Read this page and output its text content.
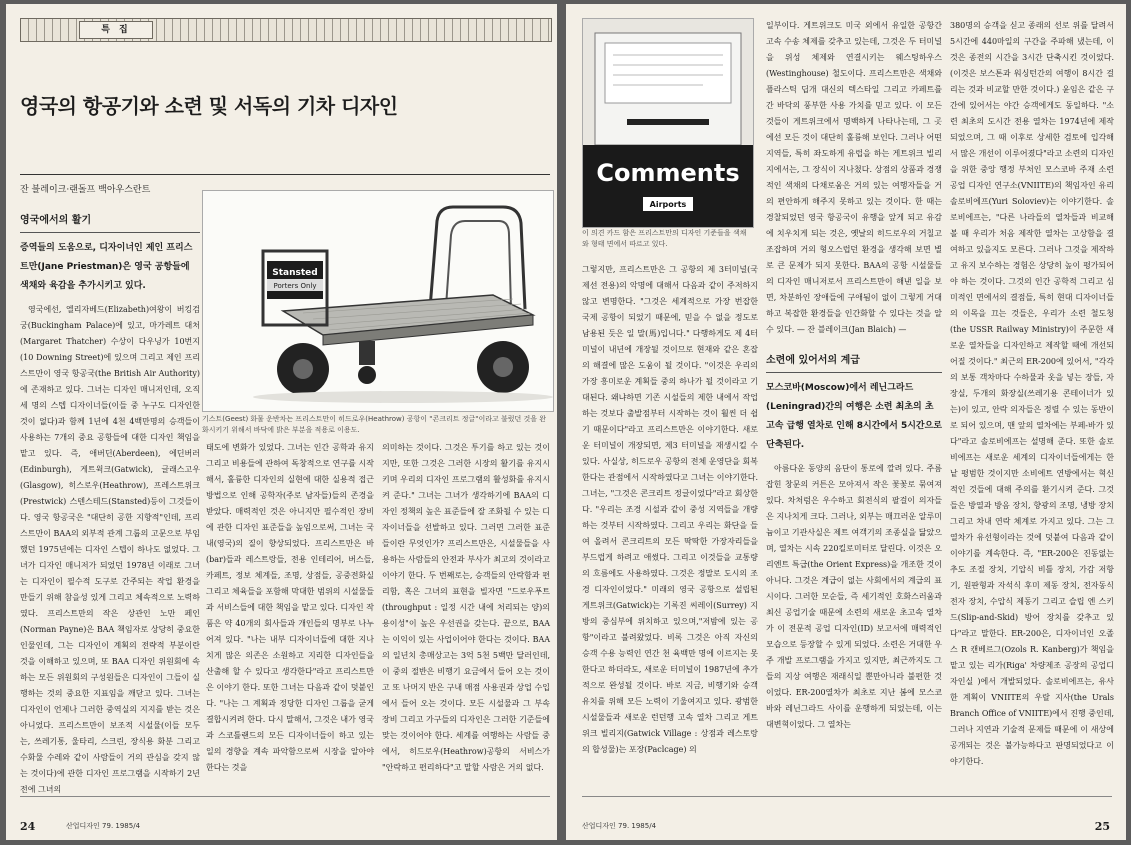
특 집
영국의 항공기와 소련 및 서독의 기차 디자인
잔 블레이크·랜돌프 백아우스란트

영국에서의 활기

증역들의 도움으로, 디자이너인 제인 프리스트만(Jane Priestman)은 영국 공항들에 색채와 육감을 추가시키고 있다.

영국에선, 엘리자베드(Elizabeth)여왕이 버킹검궁(Buckingham Palace)에 있고, 마가레트 대처(Margaret Thatcher) 수상이 다우닝가 10번지(10 Downing Street)에 있으며 그리고 제인 프리스트만이 영국 항공국(the British Air Authority)에 존재하고 있다. 그녀는 디자인 매니저인데, 오직 세 명의 스텝 디자이너들(이들 중 누구도 디자인한 것이 없다)과 함께 1년에 4천 4백만명의 승객들이 사용하는 7개의 중요 공항들에 대한 디자인 책임을 맡고 있다. 즉, 애버딘(Aberdeen), 에딘버러(Edinburgh), 게트윅크(Gatwick), 글래스고우(Glasgow), 히스로우(Heathrow), 프레스트위크(Prestwick) 스텐스테드(Stansted)등이 그것들이다. 영국 항공국은 "대단히 공한 지향적"인데, 프리스트만이 BAA의 외부적 관계 그룹의 고문으로 부임했던 1975년에는 디자인 스텝이 하나도 없었다. 그녀가 디자인 매니저가 되었던 1978년 이래로 그녀는 디자인이 필수적 도구로 간주되는 작업 환경을 만들기 위해 참을성 있게 그리고 체속적으로 노력하였다. 프리스트만의 작은 상관인 노만 페인(Norman Payne)은 BAA 책임자로 상당히 중요한 인물인데, 그는 디자인이 계획의 전략적 부분이란 것을 이해하고 있으며, 또 BAA 디자인 위원회에 속하는 모든 위원회의 구성원들은 디자인이 그들이 실행하는 것의 중요한 지표임을 깨닫고 있다. 그녀는 디자인이 언제나 그러한 중역실의 지지를 받는 것은 아니었다. 프리스트만이 보조적 시설물(이들 모두는, 쓰레기통, 울타리, 스크린, 장식용 화분 그리고 수화물 수레와 같이 사람들이 거의 관심을 갖지 않는 것이다)에 관한 디자인 프로그램을 시작하기 2년 전에 그녀의

Stansted
Porters Only

기스트(Geest) 화물 운반차는 프리스트만이 히드로우(Heathrow) 공항이 "콘크리트 정글"이라고 불렀던 것을 완화시키기 위해서 바닥에 밝은 부분을 적용로 이용도.

태도에 변화가 있었다. 그녀는 인간 공학과 유지 그리고 비용들에 관하여 독창적으로 연구를 시작해서, 훌륭한 디자인의 실현에 대한 실용적 접근 방법으로 인해 공학자(주로 남자들)들의 존경을 받았다. 매력적인 것은 아니지만 필수적인 장비에 관한 디자인 표준들을 높임으로써, 그녀는 국내(영국)의 질이 향상되었다. 프리스트만은 바(bar)들과 레스트랑들, 전용 인테리어, 버스들, 카페트, 정보 체계들, 조명, 상점들, 공중전화실 그리고 체육들을 포함해 막대한 범위의 시설물들과 서비스들에 대한 책임을 맡고 있다. 디자인 작품은 약 40개의 회사들과 개인들의 명부로 나누어져 있다. "나는 내부 디자이너들에 대한 지나치게 많은 의존은 소원하고 지리한 디자인들을 산출해 할 수 있다고 생각한다"라고 프리스트만은 이야기 한다. 또한 그녀는 다음과 같이 덧붙인다. "나는 그 계획과 정당한 디자인 그룹을 굳게 결합시켜려 한다. 다시 말해서, 그것은 내가 영국과 스코틀랜드의 모든 디자이너들이 하고 있는 일의 경향을 계속 파악함으로써 시장을 알아야 한다는 것을

의미하는 것이다. 그것은 투기를 하고 있는 것이지만, 또한 그것은 그러한 시장의 활기를 유지시키며 우리의 디자인 프로그램의 활성화를 유지시켜 준다." 그녀는 그녀가 생각하기에 BAA의 디자인 정책의 높은 표준들에 잘 조화될 수 있는 디자이너들을 선발하고 있다. 그러면 그러한 표준들이란 무엇인가? 프리스트만은, 시설물들을 사용하는 사람들의 안전과 부사가 최고의 것이라고 이야기 한다. 두 번째로는, 승객들의 안락함과 편리함, 혹은 그녀의 표현을 빌자면 "드로우푸트(throughput : 일정 시간 내에 처리되는 양)의 용이성"이 높은 우선권을 갖는다. 끝으로, BAA는 이익이 있는 사업이어야 한다는 것이다. BAA의 일년치 총매상고는 3억 5천 5백만 달러인데, 이 중의 절반은 비행기 요금에서 들어 오는 것이고 또 나머지 반은 구내 매점 사용권과 상업 수입에서 들어 오는 것이다. 모든 시설물과 그 부속 장비 그리고 가구들의 디자인은 그러한 기준들에 맞는 것이어야 한다. 세계를 여행하는 사람들 중에서, 히드로우(Heathrow)공항의 서비스가 "안락하고 편리하다"고 말할 사람은 거의 없다.

24	산업디자인 79. 1985/4
Comments
Airports

이 의견 카드 함은 프리스트만의 디자인 기준들을 색채와 형태 면에서 따르고 있다.

그렇지만, 프리스트만은 그 공항의 제 3터미널(국제선 전용)의 악명에 대해서 다음과 같이 주저하지 않고 변명한다. "그것은 세계적으로 가장 번잡한 국제 공항이 되었기 때문에, 믿을 수 없을 정도로 남용된 듯은 일 말(馬)입니다." 다행하게도 제 4터미널이 내년에 개장될 것이므로 현재와 같은 혼잡의 해결에 많은 도움이 될 것이다. "이것은 우리의 가장 흥미로운 계획들 중의 하나가 될 것이라고 기대된다. 왜냐하면 기존 시설들의 제한 내에서 작업하는 것보다 출발점부터 시작하는 것이 훨씬 더 쉽기 때문이다"라고 프리스트만은 이야기한다. 새로운 터미널이 개장되면, 제3 터미널을 재생시킬 수 있다. 사실상, 히드로우 공항의 전체 운영단을 회복한다는 관점에서 시작하였다고 그녀는 이야기한다. 그녀는, "그것은 콘크리트 정글이었다"라고 회상한다. "우리는 조경 시설과 같이 중성 지역들을 개량하는 것부터 시작하였다. 그리고 우리는 화단을 들여 올려서 콘크리트의 모든 딱딱한 가장자리들을 부드럽게 하려고 애썼다. 그리고 이것들을 교통량의 흐름에도 사용하였다. 그것은 정말로 도시의 조경 디자인이었다." 미래의 영국 공항으로 설립된 게트위크(Gatwick)는 기록진 씨레이(Surrey) 지방의 중심부에 위치하고 있으며,"저밤에 있는 공항"이라고 불려왔었다. 비록 그것은 아직 자신의 승객 수용 능력인 연간 천 육백만 명에 이르지는 못한다고 하더라도, 새로운 터미널이 1987년에 추가적으로 완성될 것이다. 바로 지금, 비행기와 승객 유치를 위해 모든 노력이 기울여지고 있다. 광범한 시설물들과 새로운 런던행 고속 열차 그리고 게트위크 빌리지(Gatwick Village : 상점과 레스토랑의 합성물)는 포장(Paclcage) 의

일부이다. 게트위크도 미국 외에서 유일한 공항간 고속 수송 체제를 갖추고 있는데, 그것은 두 터미널을 위성 체제와 연결시키는 웨스팅하우스(Westinghouse) 철도이다. 프리스트만은 색채와 플라스틱 딥개 대신의 텍스타일 그리고 카페트를 간 바닥의 풍부한 사용 가치를 믿고 있다. 이 모든 것들이 게트위크에서 명백하게 나타나는데, 그 곳에선 모든 것이 대단히 훌륭해 보인다. 그러나 어떤 지역들, 특히 좌도하게 유럽을 하는 게트위크 빌리지에서는, 그 장식이 지나쳤다. 상점의 상품과 경쟁적인 색채의 다채로움은 거의 있는 여행자들을 거의 편안하게 해주지 못하고 있는 것이다. 한 때는 경찰되었던 영국 항공국이 유행을 앞게 되고 유감에 치우치게 되는 것은, 옛날의 히드로우의 거칠고 조잡하며 거의 형오스럽던 환경을 생각해 보면 별로 큰 문제가 되지 못한다. BAA의 공항 시설물들의 디자인 매니저로서 프리스트만이 해낸 일을 보면, 차분하인 장애들에 구애됨이 없이 그렇게 거대하고 복잡한 환경들을 인간화할 수 있다는 것을 알 수 있다. — 잔 블레이크(Jan Blaich) —

소련에 있어서의 계급

모스코바(Moscow)에서 레닌그라드(Leningrad)간의 여행은 소련 최초의 초고속 급행 열차로 인해 8시간에서 5시간으로 단축된다.

아름다운 동양의 음단이 통로에 깔려 있다. 주름잡힌 창문의 커튼은 모아져서 작은 꽃꽃로 묶여져 있다. 차처럼은 우수하고 회전식의 팔걸이 의자들은 지나치게 크다. 그러나, 외부는 매끄러운 알루미늄이고 기관사실은 제트 여객기의 조종실을 닮았으며, 열차는 시속 220킬로미터로 달린다. 이것은 오리엔트 특급(the Orient Express)을 개조한 것이 아니다. 그것은 계급이 없는 사회에서의 계급의 표시이다. 그러한 모순들, 즉 세기적인 호화스러움과 최신 공업기술 때문에 소련의 새로운 초고속 열차가 이 전문적 공업 디자인(ID) 보고서에 매력적인 모습으로 등장할 수 있게 되었다. 소련은 거대한 우주 개발 프로그램을 가지고 있지만, 최근까지도 그들의 지상 여행은 재래식일 뿐만아니라 불편한 것이었다. ER-200열차가 최초로 지난 봄에 모스코바와 레닌그라드 사이를 운행하게 되었는데, 이는 대변혁이었다. 그 열차는

380명의 승객을 싣고 종래의 선로 위를 달려서 5시간에 440마일의 구간을 주파해 냈는데, 이것은 종전의 시간을 3시간 단축시킨 것이었다. (이것은 보스톤과 워싱턴간의 여행이 8시간 걸리는 것과 비교할 만한 것이다.) 윤임은 같은 구간에 있어서는 야간 승객에게도 동일하다. "소련 최초의 도시간 전용 열차는 1974년에 제작되었으며, 그 때 이후로 상세한 검토에 입각해서 많은 개선이 이루어졌다"라고 소련의 디자인을 위한 중앙 행정 부처인 모스코바 주재 소련 공업 디자인 연구소(VNIITE)의 책임자인 유리 솔로비에프(Yuri Soloviev)는 이야기한다. 솔로비에프는, "다른 나라들의 열차들과 비교해 볼 때 우리가 처음 제작한 열차는 고상함을 결여하고 있을지도 모른다. 그러나 그것을 제작하고 유지 보수하는 경험은 상당히 높이 평가되어야 하는 것이다. 그것의 인간 공학적 그리고 심미적인 면에서의 결점들, 특히 현대 디자이너들의 이목을 끄는 것들은, 우리가 소련 철도청(the USSR Railway Ministry)이 주문한 새로운 열차들을 디자인하고 제작할 때에 개선되어질 것이다." 최근의 ER-200에 있어서, "각각의 보통 객차마다 수하물과 옷을 넣는 장들, 자장실, 두개의 화장실(쓰레기용 콘테이너가 있는)이 있고, 안락 의자들은 정렬 수 있는 동반이로 되어 있으며, 맨 앞의 열차에는 부페-바가 있다"라고 솔로비에프는 설명해 준다. 또한 솔로비에프는 새로운 세계의 디자이너들에게는 한낱 평범한 것이지만 소비에트 연방에서는 혁신적인 것들에 대해 주의를 환기시켜 준다. 그것들은 방열과 방음 장치, 향광의 조명, 냉방 장치 그리고 차내 연락 체계로 가지고 있다. 그는 그 열차가 유선형이라는 것에 덧붙여 다음과 같이 이야기를 계속한다. 즉, "ER-200은 진동없는 추도 조절 장치, 기압식 비틀 장치, 가감 저항기, 원판형과 자석식 후미 제동 장치, 전자동식 전자 장치, 수압식 제동기 그리고 슬립 엔 스키드(Slip-and-Skid) 방어 장치를 갖추고 있다"라고 말한다. ER-200은, 디자이너인 오졸스 R 캔베르그(Ozols R. Kanberg)가 책임을 맡고 있는 리가(Riga' 차량제조 공장의 공업디자인실 )에서 개발되었다. 솔로비에프는, 유사한 계획이 VNIITE의 우랄 지사(the Urals Branch Office of VNIITE)에서 진행 중인데, 그러나 지연과 기술적 문제들 때문에 이 새상에 공개되는 것은 불가능하다고 판명되었다고 이야기한다.

산업디자인 79. 1985/4	25
